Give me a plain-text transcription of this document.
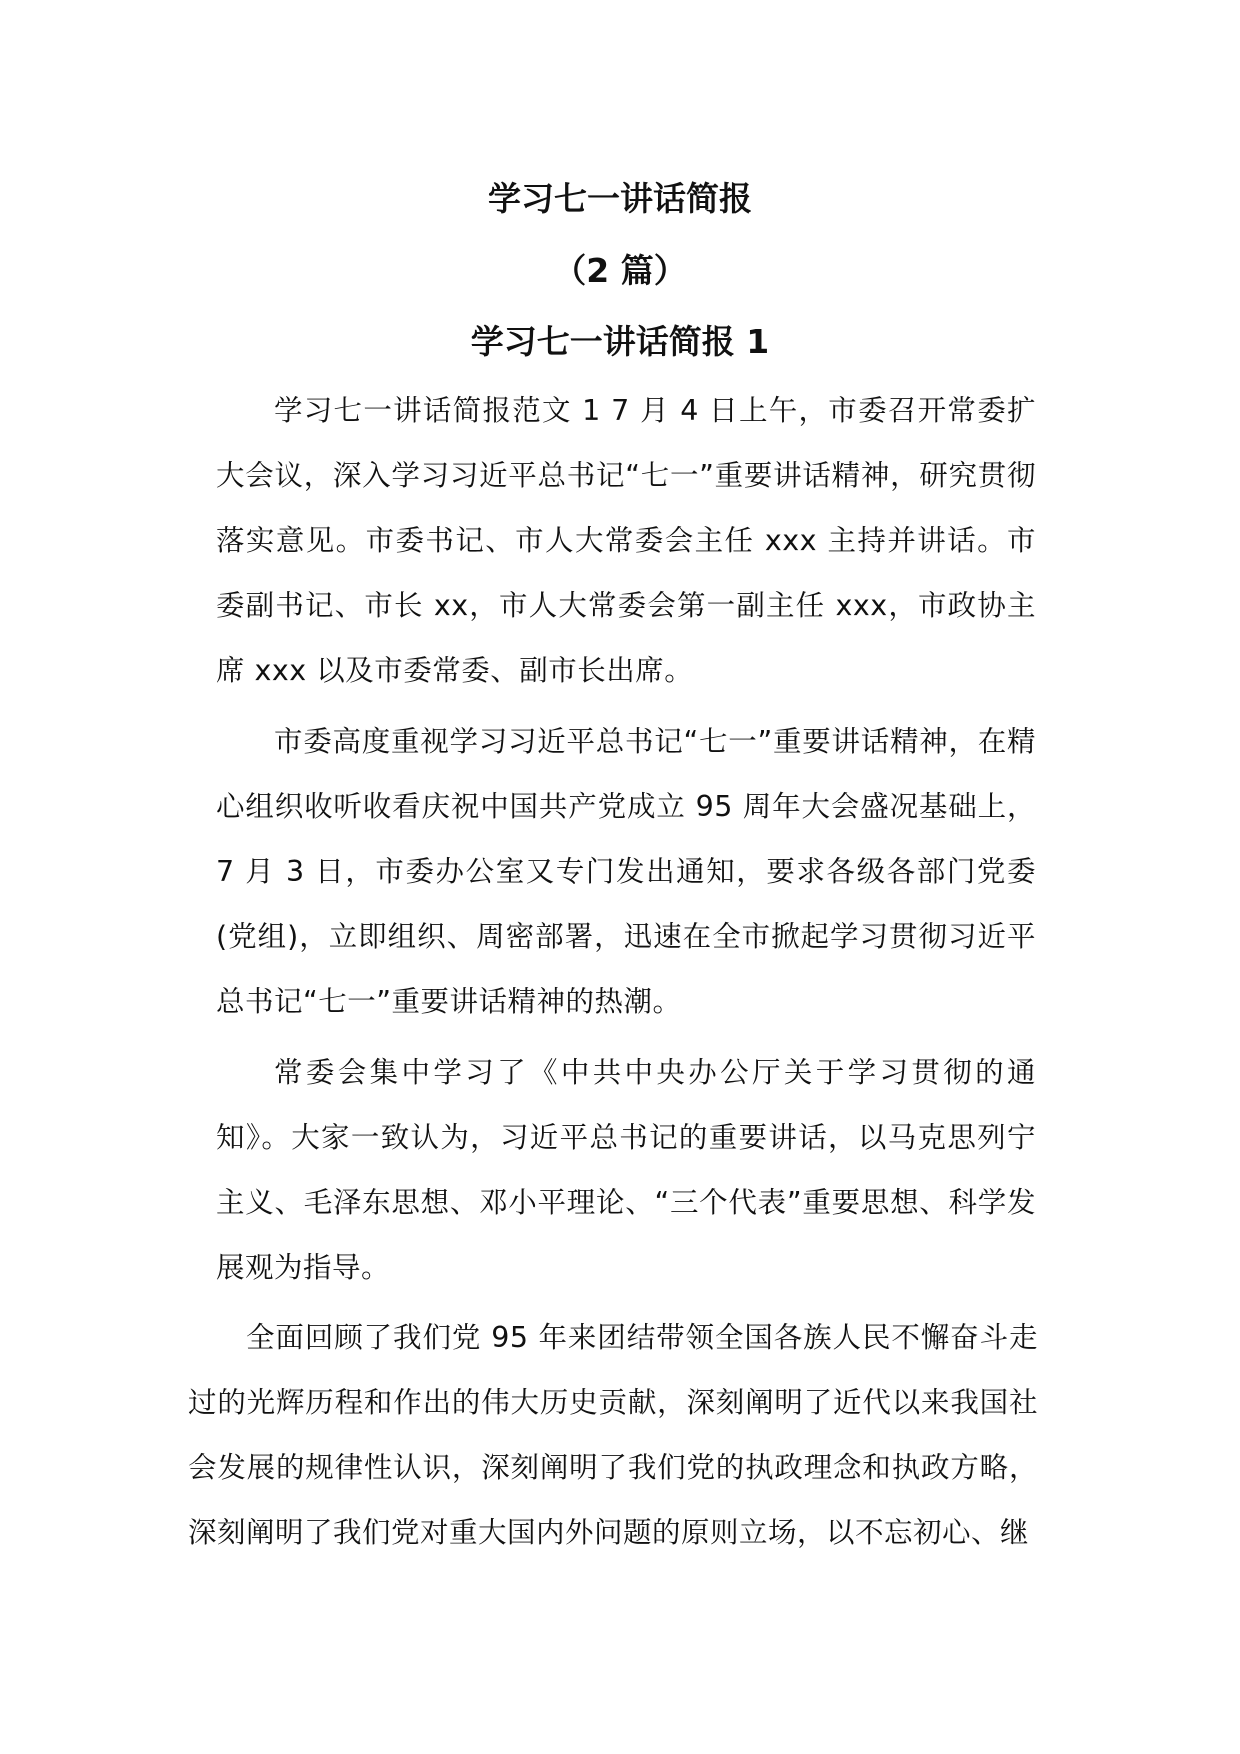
学习七一讲话简报
（2 篇）
学习七一讲话简报 1

学习七一讲话简报范文 1 7 月 4 日上午，市委召开常委扩大会议，深入学习习近平总书记“七一”重要讲话精神，研究贯彻落实意见。市委书记、市人大常委会主任 xxx 主持并讲话。市委副书记、市长 xx，市人大常委会第一副主任 xxx，市政协主席 xxx 以及市委常委、副市长出席。

市委高度重视学习习近平总书记“七一”重要讲话精神，在精心组织收听收看庆祝中国共产党成立 95 周年大会盛况基础上，7 月 3 日，市委办公室又专门发出通知，要求各级各部门党委(党组)，立即组织、周密部署，迅速在全市掀起学习贯彻习近平总书记“七一”重要讲话精神的热潮。

常委会集中学习了《中共中央办公厅关于学习贯彻的通知》。大家一致认为，习近平总书记的重要讲话，以马克思列宁主义、毛泽东思想、邓小平理论、“三个代表”重要思想、科学发展观为指导。

全面回顾了我们党 95 年来团结带领全国各族人民不懈奋斗走过的光辉历程和作出的伟大历史贡献，深刻阐明了近代以来我国社会发展的规律性认识，深刻阐明了我们党的执政理念和执政方略，深刻阐明了我们党对重大国内外问题的原则立场，以不忘初心、继
